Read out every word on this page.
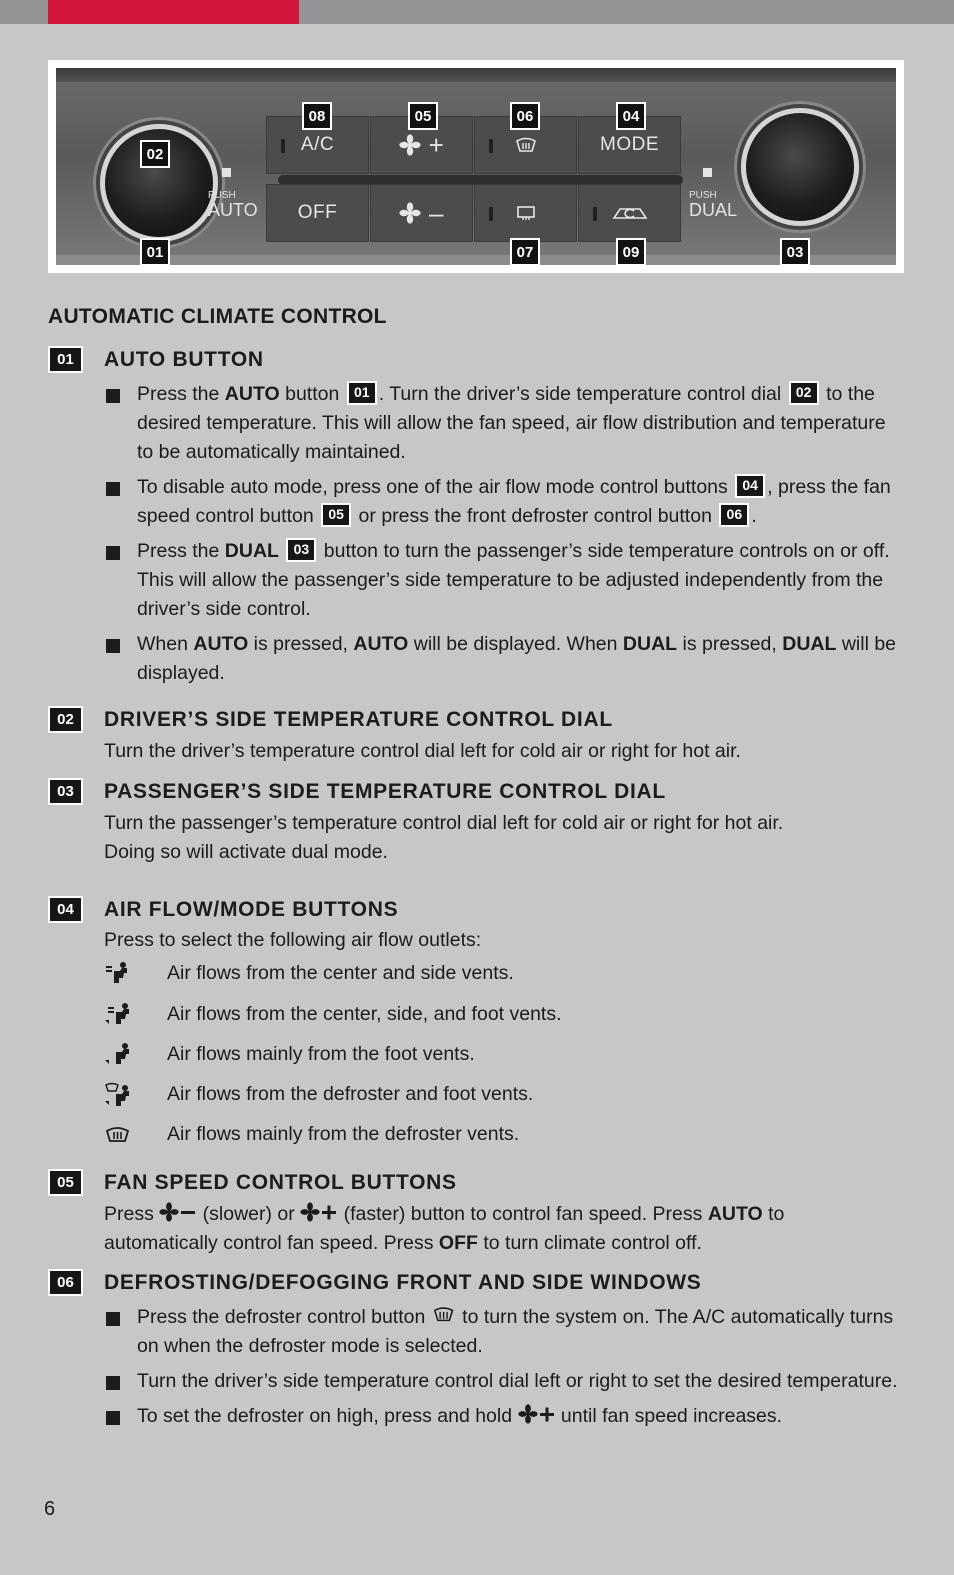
PUSH
AUTO
PUSH
DUAL
A/C	+	MODE
OFF	–
08	05	06	04
02
01	07	09	03
AUTOMATIC CLIMATE CONTROL
01	AUTO BUTTON
Press the AUTO button 01 . Turn the driver’s side temperature control dial 02 to the desired temperature. This will allow the fan speed, air flow distribution and temperature to be automatically maintained.
To disable auto mode, press one of the air flow mode control buttons 04 , press the fan speed control button 05 or press the front defroster control button 06 .
Press the DUAL 03 button to turn the passenger’s side temperature controls on or off. This will allow the passenger’s side temperature to be adjusted independently from the driver’s side control.
When AUTO is pressed, AUTO will be displayed. When DUAL is pressed, DUAL will be displayed.
02	DRIVER’S SIDE TEMPERATURE CONTROL DIAL
Turn the driver’s temperature control dial left for cold air or right for hot air.
03	PASSENGER’S SIDE TEMPERATURE CONTROL DIAL
Turn the passenger’s temperature control dial left for cold air or right for hot air.
Doing so will activate dual mode.
04	AIR FLOW/MODE BUTTONS
Press to select the following air flow outlets:
Air flows from the center and side vents.
Air flows from the center, side, and foot vents.
Air flows mainly from the foot vents.
Air flows from the defroster and foot vents.
Air flows mainly from the defroster vents.
05	FAN SPEED CONTROL BUTTONS
Press  (slower) or  (faster) button to control fan speed. Press AUTO to
automatically control fan speed. Press OFF to turn climate control off.
06	DEFROSTING/DEFOGGING FRONT AND SIDE WINDOWS
Press the defroster control button  to turn the system on. The A/C automatically turns on when the defroster mode is selected.
Turn the driver’s side temperature control dial left or right to set the desired temperature.
To set the defroster on high, press and hold  until fan speed increases.
6
